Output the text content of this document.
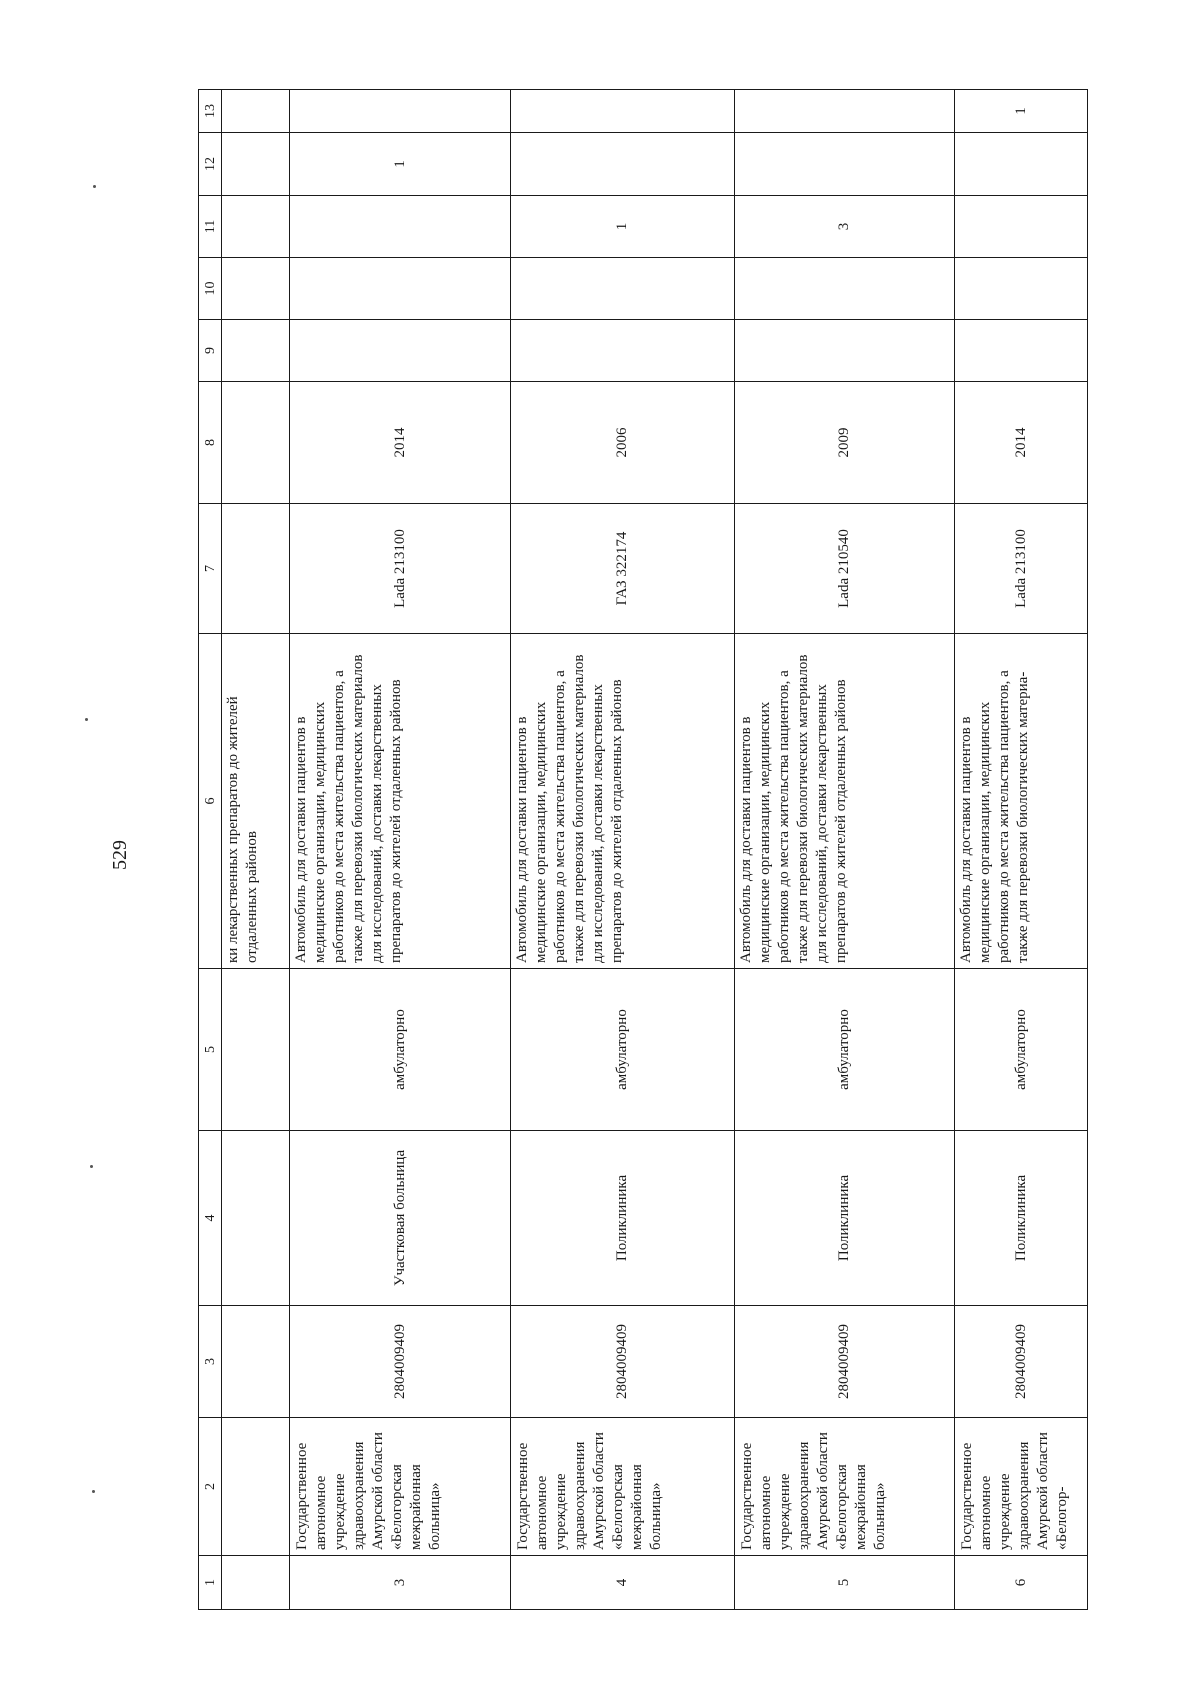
529
1	2	3	4	5	6	7	8	9	10	11	12	13
					ки лекарственных препаратов до жителей отдаленных районов							
3	Государственное автономное учреждение здравоохранения Амурской области «Белогорская межрайонная больница»	2804009409	Участковая больница	амбулаторно	Автомобиль для доставки пациентов в медицинские организации, медицинских работников до места жительства пациентов, а также для перевозки биологических материалов для исследований, доставки лекарственных препаратов до жителей отдаленных районов	Lada 213100	2014				1	
4	Государственное автономное учреждение здравоохранения Амурской области «Белогорская межрайонная больница»	2804009409	Поликлиника	амбулаторно	Автомобиль для доставки пациентов в медицинские организации, медицинских работников до места жительства пациентов, а также для перевозки биологических материалов для исследований, доставки лекарственных препаратов до жителей отдаленных районов	ГАЗ 322174	2006			1		
5	Государственное автономное учреждение здравоохранения Амурской области «Белогорская межрайонная больница»	2804009409	Поликлиника	амбулаторно	Автомобиль для доставки пациентов в медицинские организации, медицинских работников до места жительства пациентов, а также для перевозки биологических материалов для исследований, доставки лекарственных препаратов до жителей отдаленных районов	Lada 210540	2009			3		
6	Государственное автономное учреждение здравоохранения Амурской области «Белогор-	2804009409	Поликлиника	амбулаторно	Автомобиль для доставки пациентов в медицинские организации, медицинских работников до места жительства пациентов, а также для перевозки биологических материа-	Lada 213100	2014					1
